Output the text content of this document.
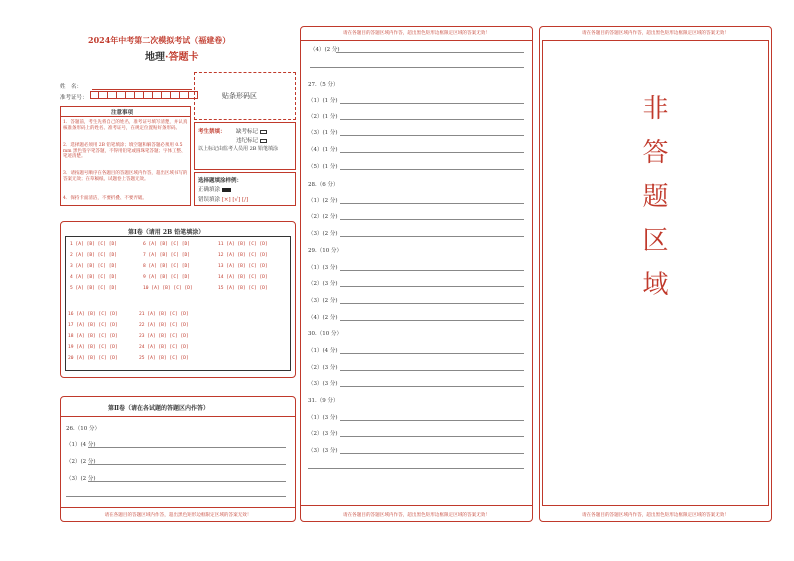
2024年中考第二次模拟考试（福建卷）
地理·答题卡
姓　名：
准考证号：	贴条形码区
注意事项
1．答题前，考生先将自己的姓名，准考证号填写清楚，并认真核准条形码上的姓名、准考证号，在规定位置贴好条形码。
2．选择题必须用 2B 铅笔填涂；填空题和解答题必须用 0.5 mm 黑色签字笔答题，不得用铅笔或圆珠笔答题；字体工整、笔迹清楚。
3．请按题号顺序在各题目的答题区域内作答，超出区域书写的答案无效；在草稿纸、试题卷上答题无效。
4．保持卡面清洁，不要折叠、不要弄破。
考生禁填： 缺考标记
违纪标记
以上标记由监考人员用 2B 铅笔填涂
选择题填涂样例：
正确填涂
错误填涂 [×] [√] [/]
第Ⅰ卷（请用 2B 铅笔填涂）
1 [A] [B] [C] [D]	6 [A] [B] [C] [D]	11 [A] [B] [C] [D]
2 [A] [B] [C] [D]	7 [A] [B] [C] [D]	12 [A] [B] [C] [D]
3 [A] [B] [C] [D]	8 [A] [B] [C] [D]	13 [A] [B] [C] [D]
4 [A] [B] [C] [D]	9 [A] [B] [C] [D]	14 [A] [B] [C] [D]
5 [A] [B] [C] [D]	10 [A] [B] [C] [D]	15 [A] [B] [C] [D]
16 [A] [B] [C] [D]	21 [A] [B] [C] [D]
17 [A] [B] [C] [D]	22 [A] [B] [C] [D]
18 [A] [B] [C] [D]	23 [A] [B] [C] [D]
19 [A] [B] [C] [D]	24 [A] [B] [C] [D]
20 [A] [B] [C] [D]	25 [A] [B] [C] [D]
第Ⅱ卷（请在各试题的答题区内作答）
26.（10 分）
（1）(4 分)
（2）(2 分)
（3）(2 分)
请在各题目的答题区域内作答，超出黑色矩形边框限定区域的答案无效！
请在各题目的答题区域内作答，超出黑色矩形边框限定区域的答案无效！
（4）(2 分)
27.（5 分）
（1）(1 分)
（2）(1 分)
（3）(1 分)
（4）(1 分)
（5）(1 分)
28.（6 分）
（1）(2 分)
（2）(2 分)
（3）(2 分)
29.（10 分）
（1）(3 分)
（2）(3 分)
（3）(2 分)
（4）(2 分)
30.（10 分）
（1）(4 分)
（2）(3 分)
（3）(3 分)
31.（9 分）
（1）(3 分)
（2）(3 分)
（3）(3 分)
请在各题目的答题区域内作答，超出黑色矩形边框限定区域的答案无效！
请在各题目的答题区域内作答，超出黑色矩形边框限定区域的答案无效！
非
答
题
区
域
请在各题目的答题区域内作答，超出黑色矩形边框限定区域的答案无效！
